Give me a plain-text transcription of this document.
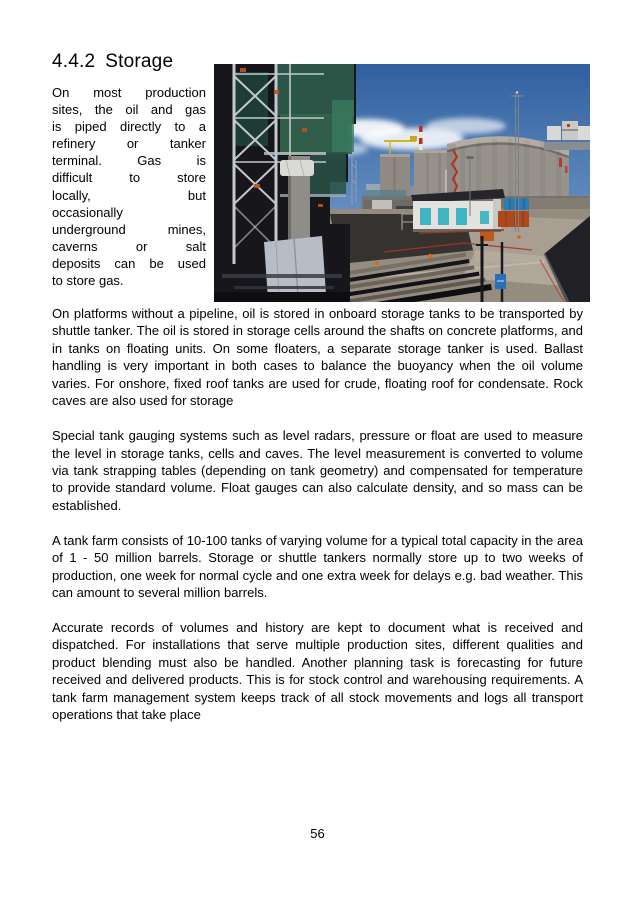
4.4.2 Storage
On most production
sites, the oil and gas
is piped directly to a
refinery or tanker
terminal. Gas is
difficult to store
locally, but
occasionally
underground mines,
caverns or salt
deposits can be used
to store gas.

On platforms without a pipeline, oil is stored in onboard storage tanks to be transported by shuttle tanker. The oil is stored in storage cells around the shafts on concrete platforms, and in tanks on floating units. On some floaters, a separate storage tanker is used. Ballast handling is very important in both cases to balance the buoyancy when the oil volume varies. For onshore, fixed roof tanks are used for crude, floating roof for condensate. Rock caves are also used for storage

Special tank gauging systems such as level radars, pressure or float are used to measure the level in storage tanks, cells and caves. The level measurement is converted to volume via tank strapping tables (depending on tank geometry) and compensated for temperature to provide standard volume. Float gauges can also calculate density, and so mass can be established.

A tank farm consists of 10-100 tanks of varying volume for a typical total capacity in the area of 1 - 50 million barrels. Storage or shuttle tankers normally store up to two weeks of production, one week for normal cycle and one extra week for delays e.g. bad weather. This can amount to several million barrels.

Accurate records of volumes and history are kept to document what is received and dispatched. For installations that serve multiple production sites, different qualities and product blending must also be handled. Another planning task is forecasting for future received and delivered products. This is for stock control and warehousing requirements. A tank farm management system keeps track of all stock movements and logs all transport operations that take place

56
